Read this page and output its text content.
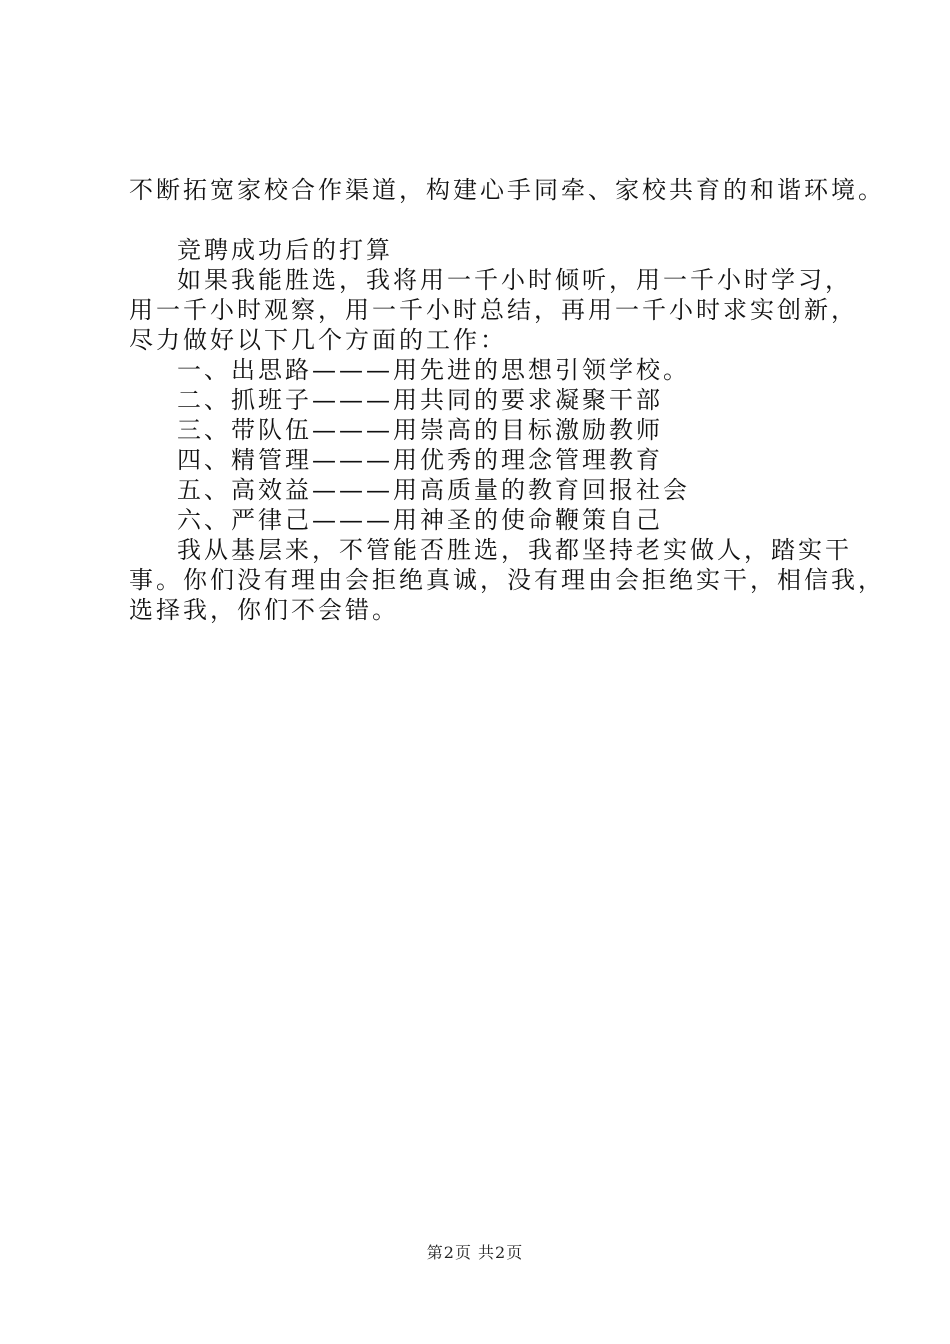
不断拓宽家校合作渠道，构建心手同牵、家校共育的和谐环境。
竞聘成功后的打算
如果我能胜选，我将用一千小时倾听，用一千小时学习，
用一千小时观察，用一千小时总结，再用一千小时求实创新，
尽力做好以下几个方面的工作：
一、出思路———用先进的思想引领学校。
二、抓班子———用共同的要求凝聚干部
三、带队伍———用崇高的目标激励教师
四、精管理———用优秀的理念管理教育
五、高效益———用高质量的教育回报社会
六、严律己———用神圣的使命鞭策自己
我从基层来，不管能否胜选，我都坚持老实做人，踏实干
事。你们没有理由会拒绝真诚，没有理由会拒绝实干，相信我，
选择我，你们不会错。
第2页 共2页
